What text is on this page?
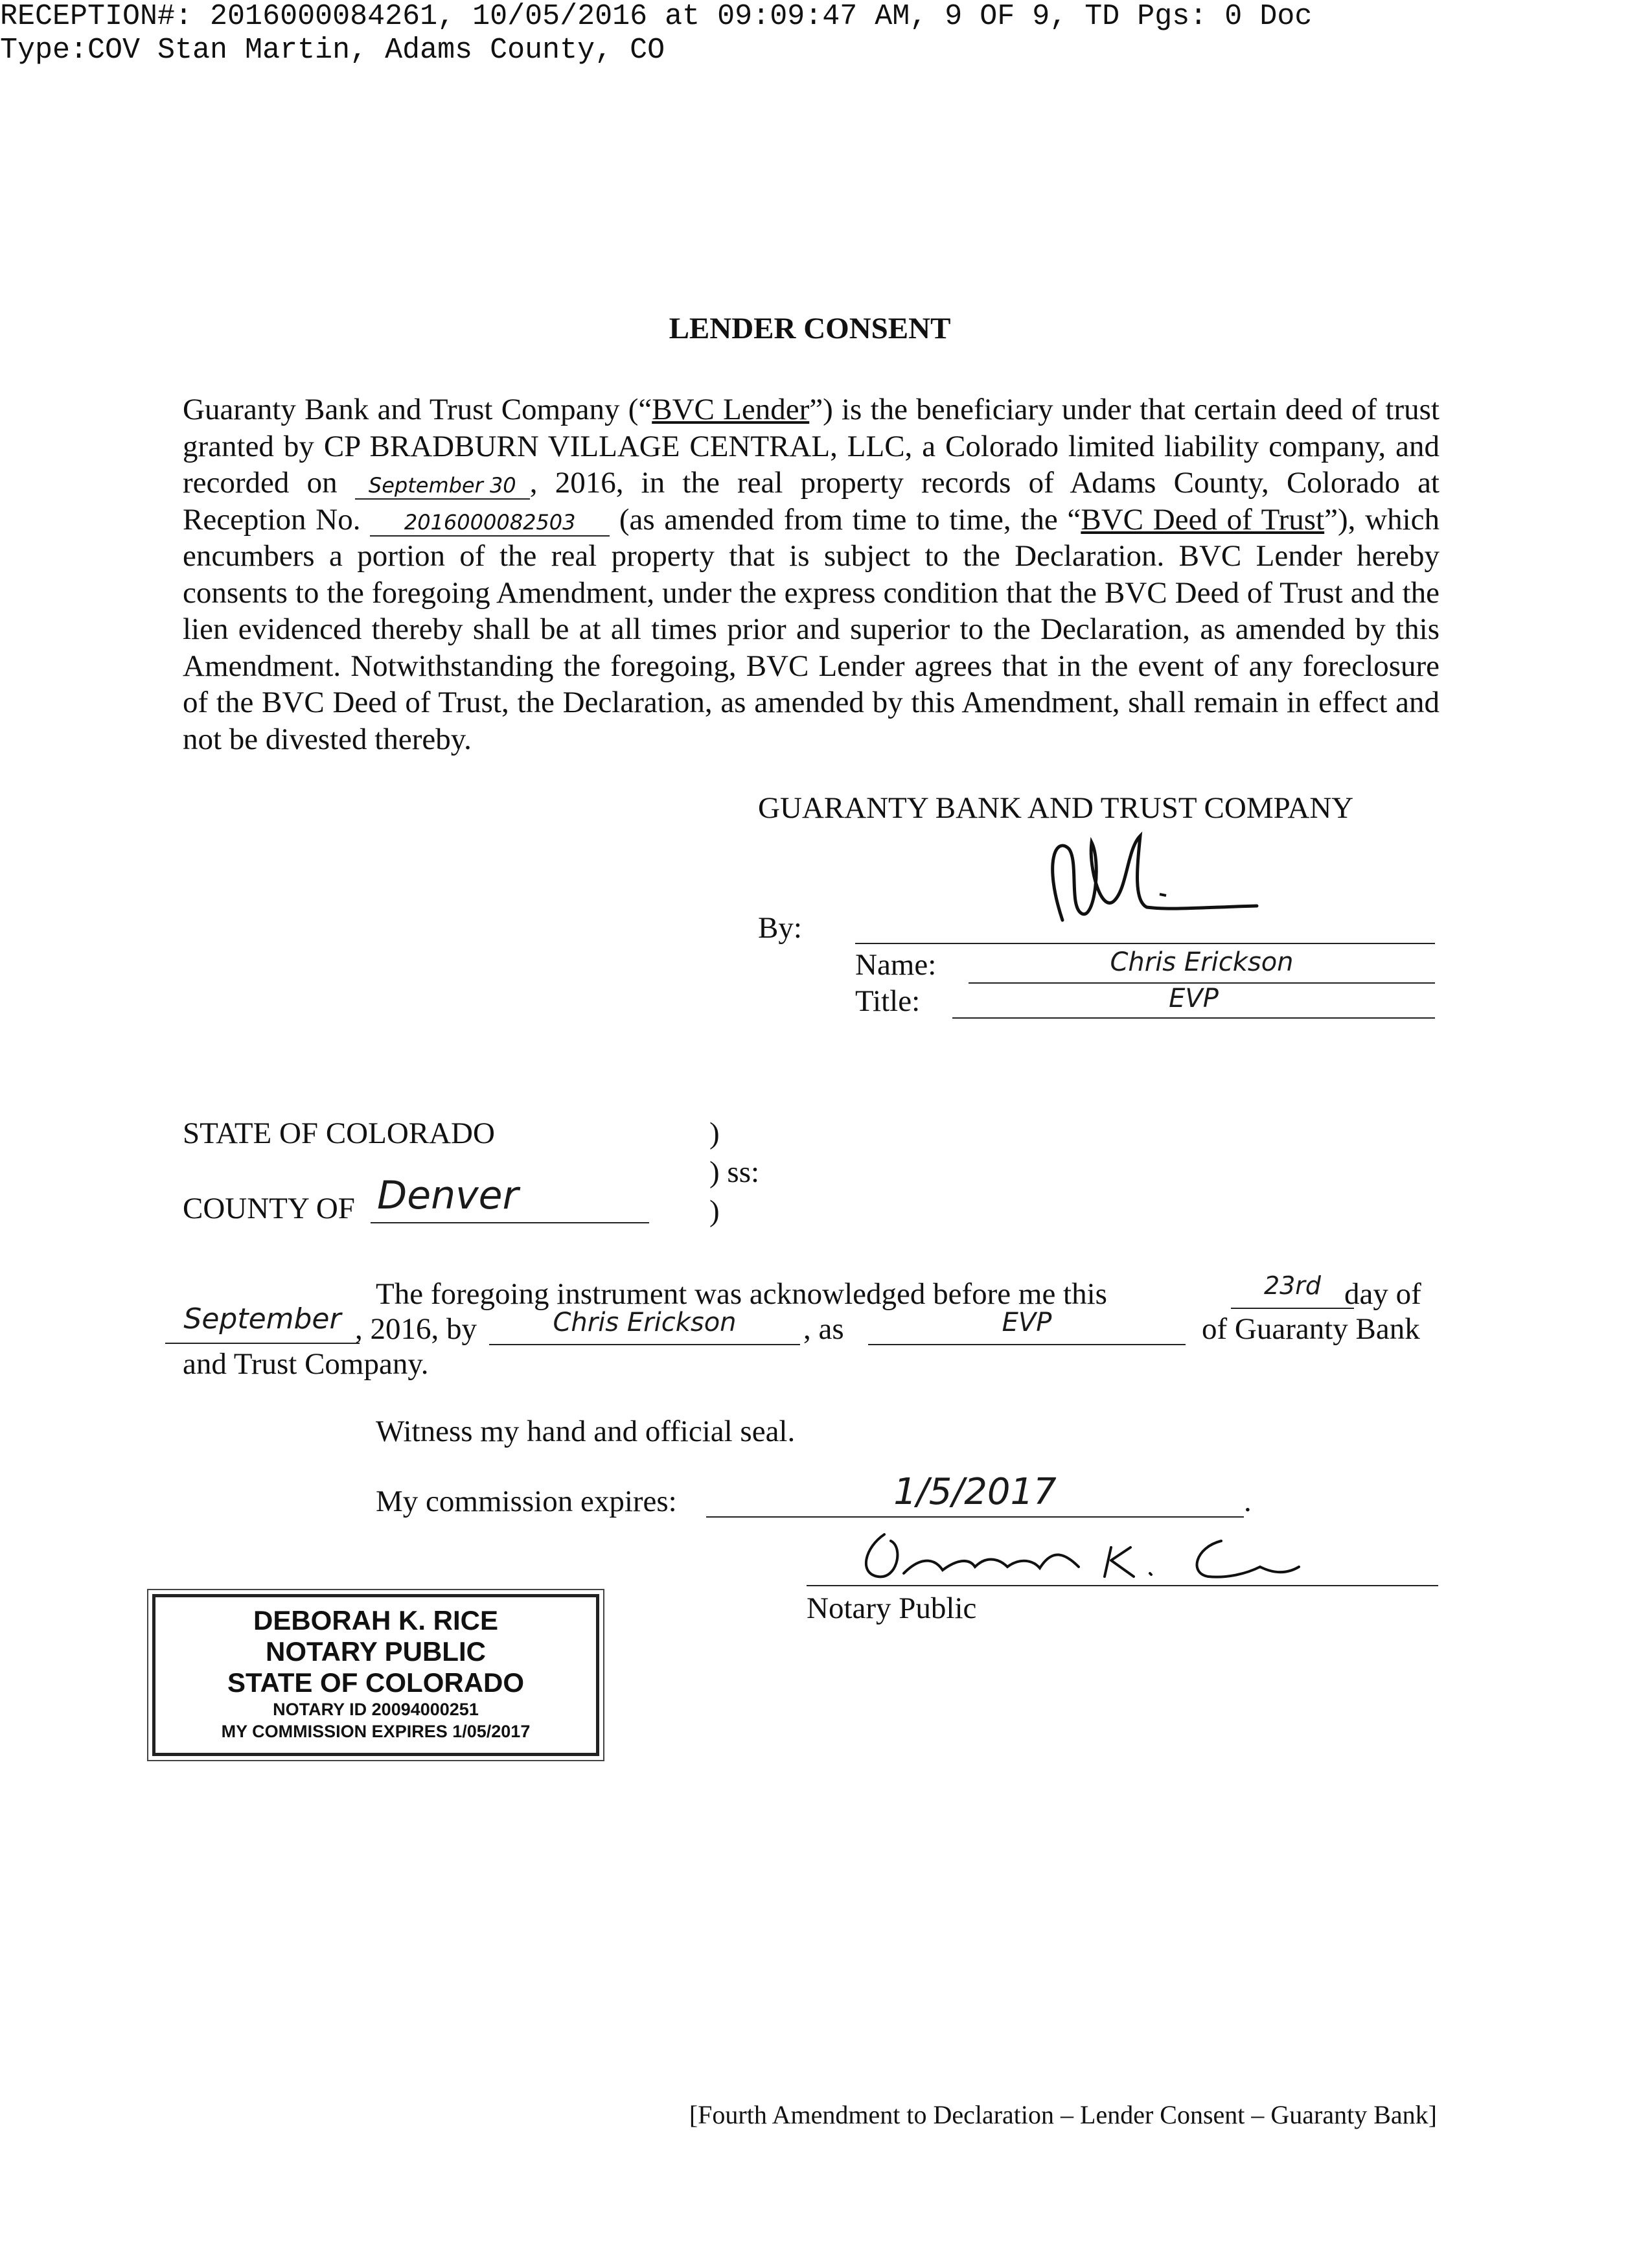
RECEPTION#: 2016000084261, 10/05/2016 at 09:09:47 AM, 9 OF 9, TD Pgs: 0 Doc
Type:COV Stan Martin, Adams County, CO
LENDER CONSENT
Guaranty Bank and Trust Company (“BVC Lender”) is the beneficiary under that certain deed of trust granted by CP BRADBURN VILLAGE CENTRAL, LLC, a Colorado limited liability company, and recorded on September 30 , 2016, in the real property records of Adams County, Colorado at Reception No. 2016000082503 (as amended from time to time, the “BVC Deed of Trust”), which encumbers a portion of the real property that is subject to the Declaration. BVC Lender hereby consents to the foregoing Amendment, under the express condition that the BVC Deed of Trust and the lien evidenced thereby shall be at all times prior and superior to the Declaration, as amended by this Amendment. Notwithstanding the foregoing, BVC Lender agrees that in the event of any foreclosure of the BVC Deed of Trust, the Declaration, as amended by this Amendment, shall remain in effect and not be divested thereby.
GUARANTY BANK AND TRUST COMPANY
By:
Name:	Chris Erickson
Title:	EVP
STATE OF COLORADO
COUNTY OF Denver
)
) ss:
)
The foregoing instrument was acknowledged before me this	23rd day of
September , 2016, by	Chris Erickson	, as	EVP	of Guaranty Bank
and Trust Company.
Witness my hand and official seal.
My commission expires:	1/5/2017	.
Notary Public
DEBORAH K. RICE
NOTARY PUBLIC
STATE OF COLORADO
NOTARY ID 20094000251
MY COMMISSION EXPIRES 1/05/2017
[Fourth Amendment to Declaration – Lender Consent – Guaranty Bank]
